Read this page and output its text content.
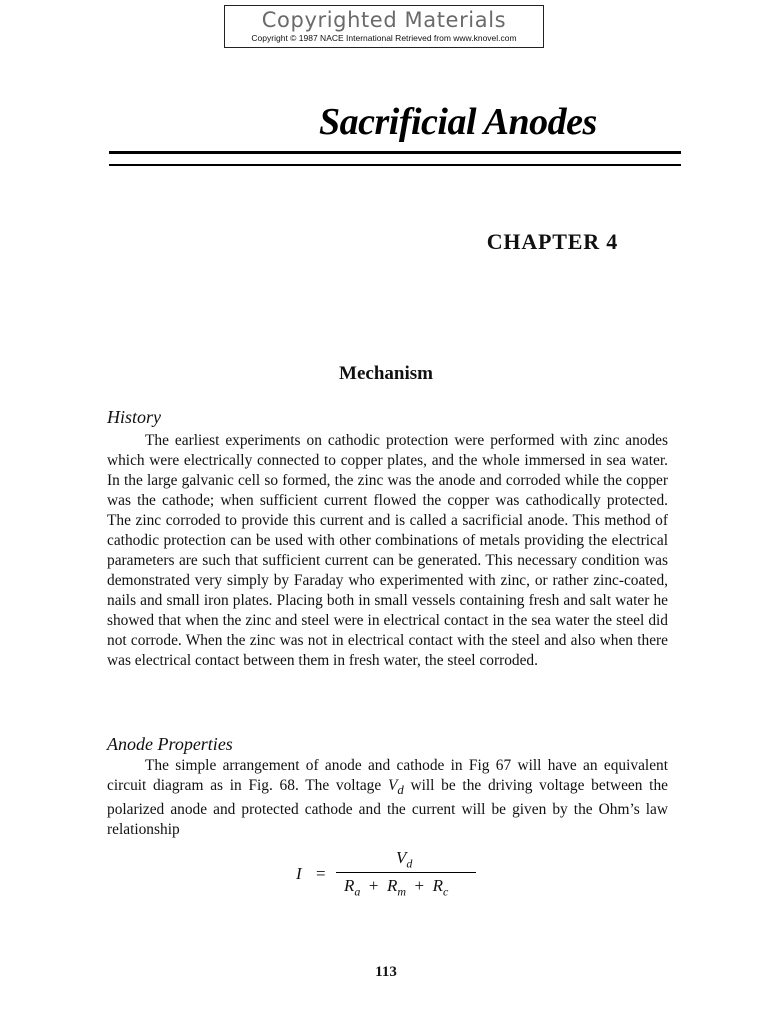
Copyrighted Materials
Copyright © 1987 NACE International Retrieved from www.knovel.com
Sacrificial Anodes
CHAPTER 4
Mechanism
History

The earliest experiments on cathodic protection were performed with zinc anodes which were electrically connected to copper plates, and the whole immersed in sea water. In the large galvanic cell so formed, the zinc was the anode and corroded while the copper was the cathode; when sufficient current flowed the copper was cathodically protected. The zinc corroded to provide this current and is called a sacrificial anode. This method of cathodic protection can be used with other combinations of metals providing the electrical parameters are such that sufficient current can be generated. This necessary condition was demonstrated very simply by Faraday who experimented with zinc, or rather zinc-coated, nails and small iron plates. Placing both in small vessels containing fresh and salt water he showed that when the zinc and steel were in electrical contact in the sea water the steel did not corrode. When the zinc was not in electrical contact with the steel and also when there was electrical contact between them in fresh water, the steel corroded.

Anode Properties

The simple arrangement of anode and cathode in Fig 67 will have an equivalent circuit diagram as in Fig. 68. The voltage $V_d$ will be the driving voltage between the polarized anode and protected cathode and the current will be given by the Ohm’s law relationship

I =
$V_d$
$R_a + R_m + R_c$
113
